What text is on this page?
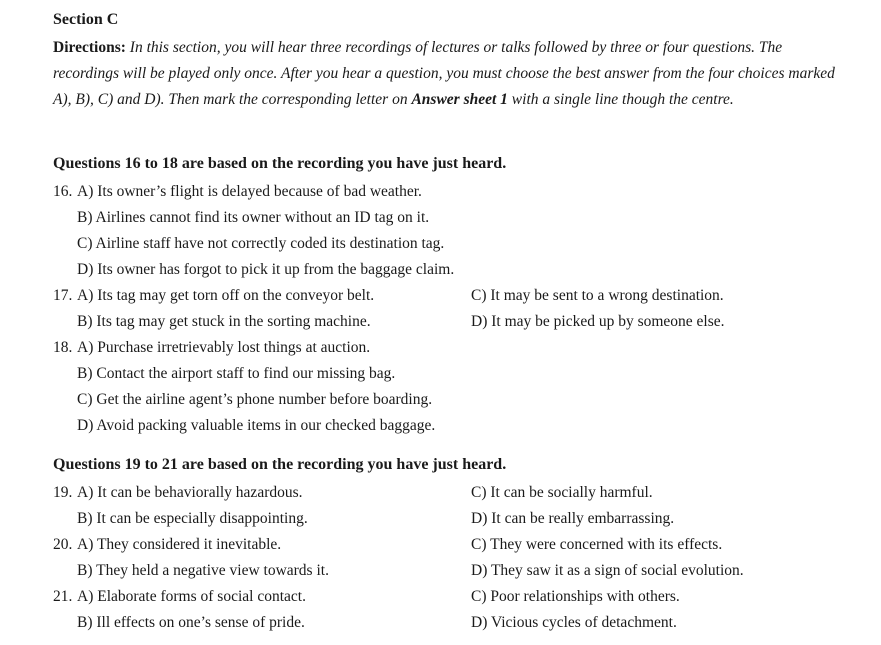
Section C
Directions: In this section, you will hear three recordings of lectures or talks followed by three or four questions. The recordings will be played only once. After you hear a question, you must choose the best answer from the four choices marked A), B), C) and D). Then mark the corresponding letter on Answer sheet 1 with a single line though the centre.
Questions 16 to 18 are based on the recording you have just heard.
16. A) Its owner’s flight is delayed because of bad weather.
B) Airlines cannot find its owner without an ID tag on it.
C) Airline staff have not correctly coded its destination tag.
D) Its owner has forgot to pick it up from the baggage claim.
17. A) Its tag may get torn off on the conveyor belt.	C) It may be sent to a wrong destination.
B) Its tag may get stuck in the sorting machine.	D) It may be picked up by someone else.
18. A) Purchase irretrievably lost things at auction.
B) Contact the airport staff to find our missing bag.
C) Get the airline agent’s phone number before boarding.
D) Avoid packing valuable items in our checked baggage.
Questions 19 to 21 are based on the recording you have just heard.
19. A) It can be behaviorally hazardous.	C) It can be socially harmful.
B) It can be especially disappointing.	D) It can be really embarrassing.
20. A) They considered it inevitable.	C) They were concerned with its effects.
B) They held a negative view towards it.	D) They saw it as a sign of social evolution.
21. A) Elaborate forms of social contact.	C) Poor relationships with others.
B) Ill effects on one’s sense of pride.	D) Vicious cycles of detachment.
